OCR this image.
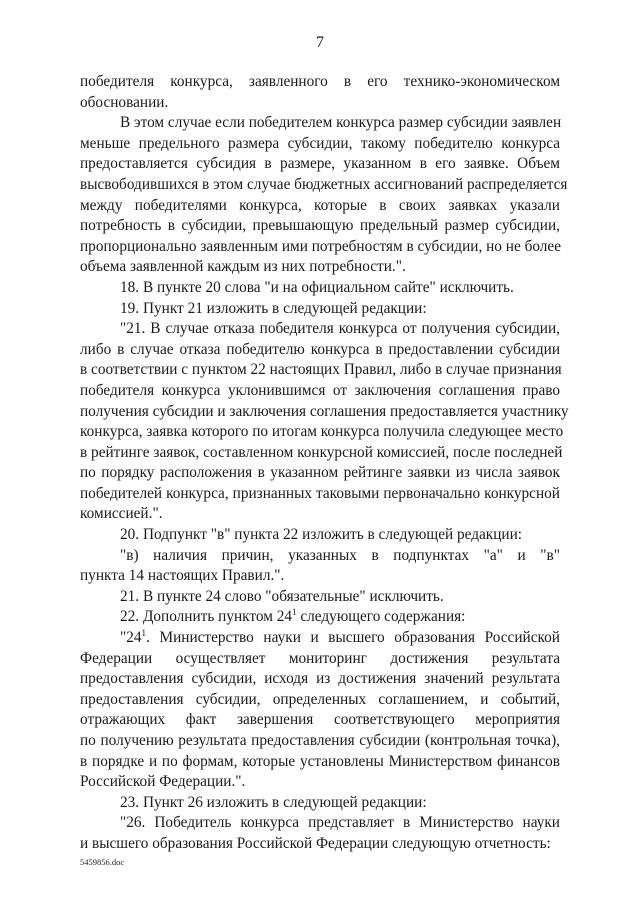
7
победителя конкурса, заявленного в его технико-экономическом
обосновании.
В этом случае если победителем конкурса размер субсидии заявлен
меньше предельного размера субсидии, такому победителю конкурса
предоставляется субсидия в размере, указанном в его заявке. Объем
высвободившихся в этом случае бюджетных ассигнований распределяется
между победителями конкурса, которые в своих заявках указали
потребность в субсидии, превышающую предельный размер субсидии,
пропорционально заявленным ими потребностям в субсидии, но не более
объема заявленной каждым из них потребности.".
18. В пункте 20 слова "и на официальном сайте" исключить.
19. Пункт 21 изложить в следующей редакции:
"21. В случае отказа победителя конкурса от получения субсидии,
либо в случае отказа победителю конкурса в предоставлении субсидии
в соответствии с пунктом 22 настоящих Правил, либо в случае признания
победителя конкурса уклонившимся от заключения соглашения право
получения субсидии и заключения соглашения предоставляется участнику
конкурса, заявка которого по итогам конкурса получила следующее место
в рейтинге заявок, составленном конкурсной комиссией, после последней
по порядку расположения в указанном рейтинге заявки из числа заявок
победителей конкурса, признанных таковыми первоначально конкурсной
комиссией.".
20. Подпункт "в" пункта 22 изложить в следующей редакции:
"в) наличия причин, указанных в подпунктах "а" и "в"
пункта 14 настоящих Правил.".
21. В пункте 24 слово "обязательные" исключить.
22. Дополнить пунктом $24^1$ следующего содержания:
"$24^1$. Министерство науки и высшего образования Российской
Федерации осуществляет мониторинг достижения результата
предоставления субсидии, исходя из достижения значений результата
предоставления субсидии, определенных соглашением, и событий,
отражающих факт завершения соответствующего мероприятия
по получению результата предоставления субсидии (контрольная точка),
в порядке и по формам, которые установлены Министерством финансов
Российской Федерации.".
23. Пункт 26 изложить в следующей редакции:
"26. Победитель конкурса представляет в Министерство науки
и высшего образования Российской Федерации следующую отчетность:
5459856.doc
